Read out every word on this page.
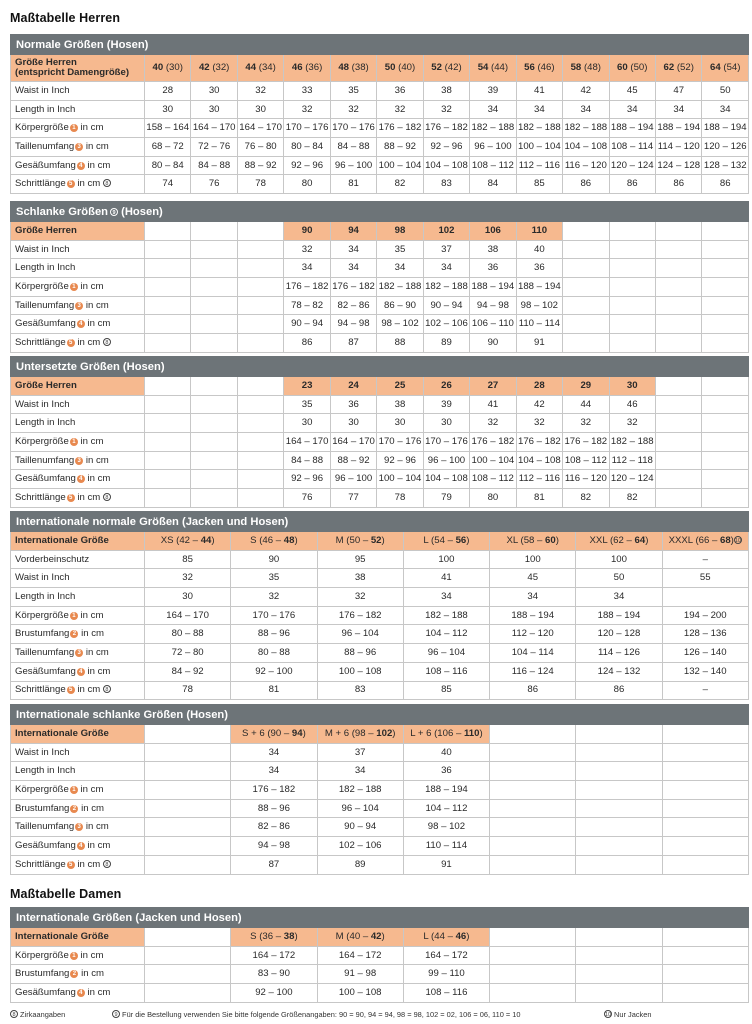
Maßtabelle Herren
Normale Größen (Hosen)													

Größe Herren
(entspricht Damengröße)	40 (30)	42 (32)	44 (34)	46 (36)	48 (38)	50 (40)	52 (42)	54 (44)	56 (46)	58 (48)	60 (50)	62 (52)	64 (54)
Waist in Inch	28	30	32	33	35	36	38	39	41	42	45	47	50
Length in Inch	30	30	30	32	32	32	32	34	34	34	34	34	34
Körpergröße 1 in cm	158 – 164	164 – 170	164 – 170	170 – 176	170 – 176	176 – 182	176 – 182	182 – 188	182 – 188	182 – 188	188 – 194	188 – 194	188 – 194
Taillenumfang 3 in cm	68 – 72	72 – 76	76 – 80	80 – 84	84 – 88	88 – 92	92 – 96	96 – 100	100 – 104	104 – 108	108 – 114	114 – 120	120 – 126
Gesäßumfang 4 in cm	80 – 84	84 – 88	88 – 92	92 – 96	96 – 100	100 – 104	104 – 108	108 – 112	112 – 116	116 – 120	120 – 124	124 – 128	128 – 132
Schrittlänge 5 in cm 8	74	76	78	80	81	82	83	84	85	86	86	86	86
Schlanke Größen 9 (Hosen)													
Größe Herren				90	94	98	102	106	110				
Waist in Inch				32	34	35	37	38	40				
Length in Inch				34	34	34	34	36	36				
Körpergröße 1 in cm				176 – 182	176 – 182	182 – 188	182 – 188	188 – 194	188 – 194				
Taillenumfang 3 in cm				78 – 82	82 – 86	86 – 90	90 – 94	94 – 98	98 – 102				
Gesäßumfang 4 in cm				90 – 94	94 – 98	98 – 102	102 – 106	106 – 110	110 – 114				
Schrittlänge 5 in cm 8				86	87	88	89	90	91				
Untersetzte Größen (Hosen)													
Größe Herren				23	24	25	26	27	28	29	30		
Waist in Inch				35	36	38	39	41	42	44	46		
Length in Inch				30	30	30	30	32	32	32	32		
Körpergröße 1 in cm				164 – 170	164 – 170	170 – 176	170 – 176	176 – 182	176 – 182	176 – 182	182 – 188		
Taillenumfang 3 in cm				84 – 88	88 – 92	92 – 96	96 – 100	100 – 104	104 – 108	108 – 112	112 – 118		
Gesäßumfang 4 in cm				92 – 96	96 – 100	100 – 104	104 – 108	108 – 112	112 – 116	116 – 120	120 – 124		
Schrittlänge 5 in cm 8				76	77	78	79	80	81	82	82		
Internationale normale Größen (Jacken und Hosen)							
Internationale Größe	XS (42 – 44)	S (46 – 48)	M (50 – 52)	L (54 – 56)	XL (58 – 60)	XXL (62 – 64)	XXXL (66 – 68)10
Vorderbeinschutz	85	90	95	100	100	100	–
Waist in Inch	32	35	38	41	45	50	55
Length in Inch	30	32	32	34	34	34	
Körpergröße 1 in cm	164 – 170	170 – 176	176 – 182	182 – 188	188 – 194	188 – 194	194 – 200
Brustumfang 2 in cm	80 – 88	88 – 96	96 – 104	104 – 112	112 – 120	120 – 128	128 – 136
Taillenumfang 3 in cm	72 – 80	80 – 88	88 – 96	96 – 104	104 – 114	114 – 126	126 – 140
Gesäßumfang 4 in cm	84 – 92	92 – 100	100 – 108	108 – 116	116 – 124	124 – 132	132 – 140
Schrittlänge 5 in cm 8	78	81	83	85	86	86	–
Internationale schlanke Größen (Hosen)							
Internationale Größe		S + 6 (90 – 94)	M + 6 (98 – 102)	L + 6 (106 – 110)			
Waist in Inch		34	37	40			
Length in Inch		34	34	36			
Körpergröße 1 in cm		176 – 182	182 – 188	188 – 194			
Brustumfang 2 in cm		88 – 96	96 – 104	104 – 112			
Taillenumfang 3 in cm		82 – 86	90 – 94	98 – 102			
Gesäßumfang 4 in cm		94 – 98	102 – 106	110 – 114			
Schrittlänge 5 in cm 8		87	89	91			
Maßtabelle Damen
Internationale Größen (Jacken und Hosen)							
Internationale Größe		S (36 – 38)	M (40 – 42)	L (44 – 46)			
Körpergröße 1 in cm		164 – 172	164 – 172	164 – 172			
Brustumfang 2 in cm		83 – 90	91 – 98	99 – 110			
Gesäßumfang 4 in cm		92 – 100	100 – 108	108 – 116			
8 Zirkaangaben	9 Für die Bestellung verwenden Sie bitte folgende Größenangaben: 90 = 90, 94 = 94, 98 = 98, 102 = 02, 106 = 06, 110 = 10	10 Nur Jacken
